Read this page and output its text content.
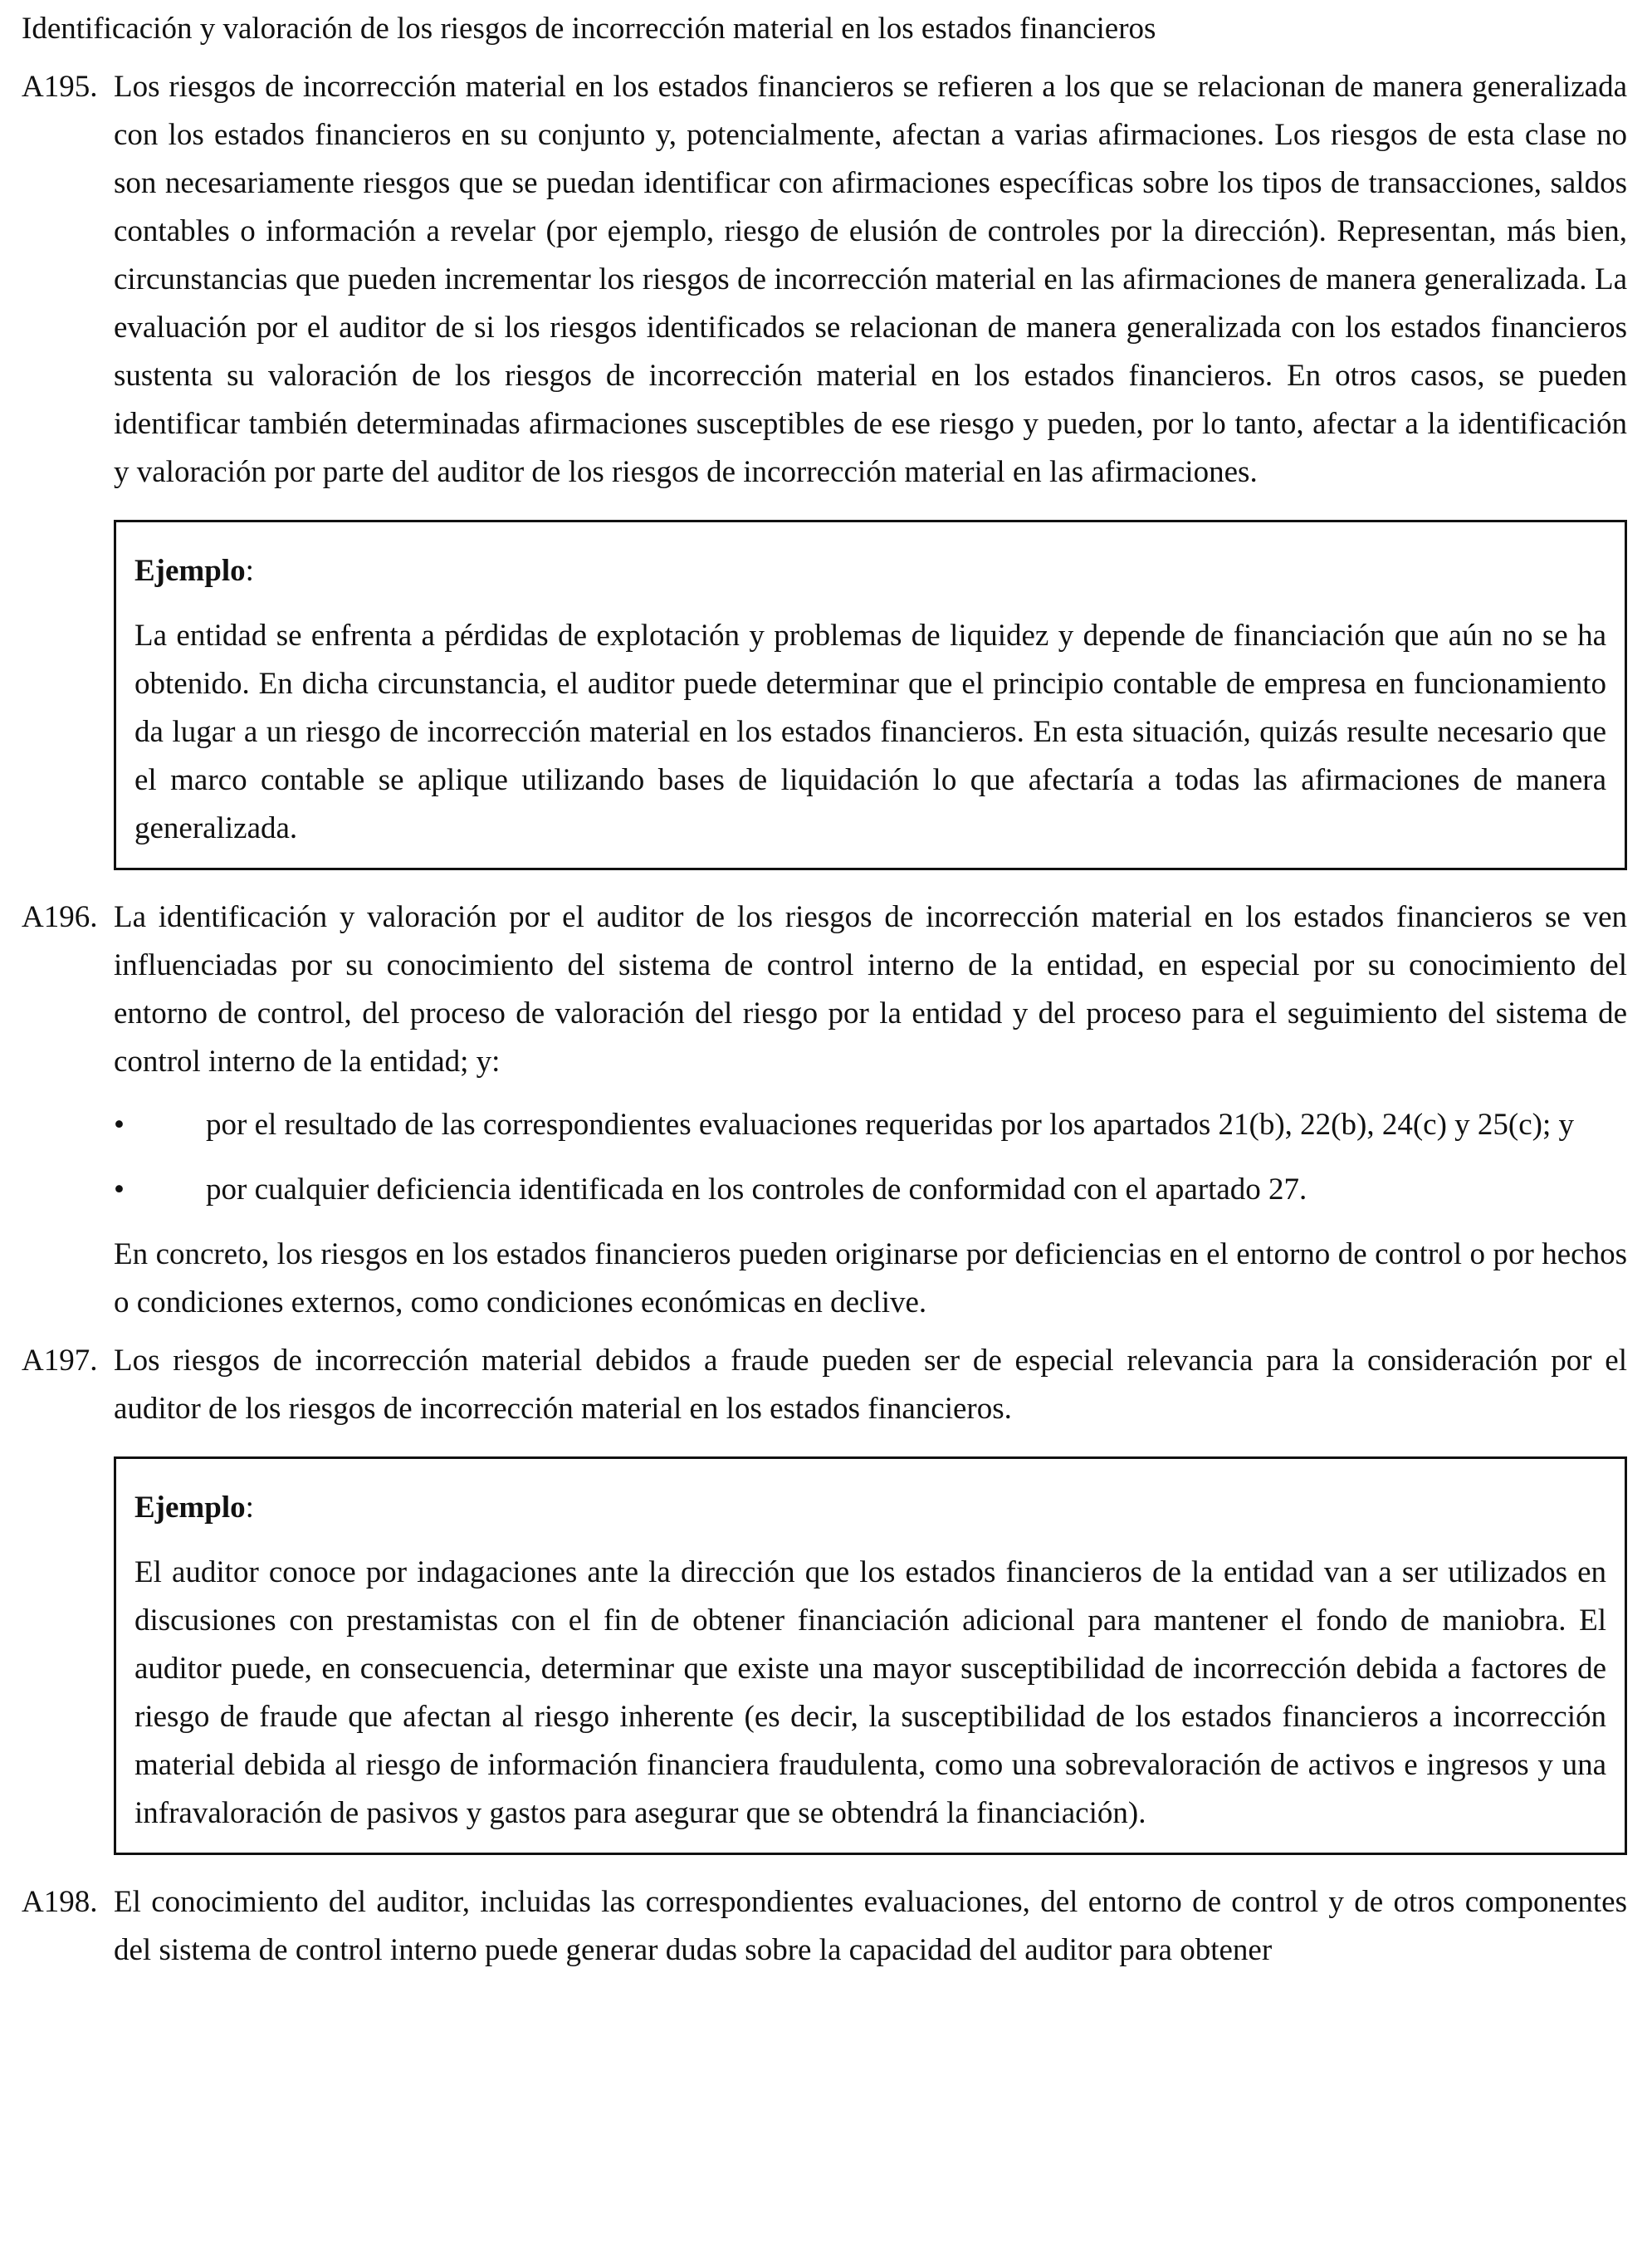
Identificación y valoración de los riesgos de incorrección material en los estados financieros
A195. Los riesgos de incorrección material en los estados financieros se refieren a los que se relacionan de manera generalizada con los estados financieros en su conjunto y, potencialmente, afectan a varias afirmaciones. Los riesgos de esta clase no son necesariamente riesgos que se puedan identificar con afirmaciones específicas sobre los tipos de transacciones, saldos contables o información a revelar (por ejemplo, riesgo de elusión de controles por la dirección). Representan, más bien, circunstancias que pueden incrementar los riesgos de incorrección material en las afirmaciones de manera generalizada. La evaluación por el auditor de si los riesgos identificados se relacionan de manera generalizada con los estados financieros sustenta su valoración de los riesgos de incorrección material en los estados financieros. En otros casos, se pueden identificar también determinadas afirmaciones susceptibles de ese riesgo y pueden, por lo tanto, afectar a la identificación y valoración por parte del auditor de los riesgos de incorrección material en las afirmaciones.

Ejemplo:

La entidad se enfrenta a pérdidas de explotación y problemas de liquidez y depende de financiación que aún no se ha obtenido. En dicha circunstancia, el auditor puede determinar que el principio contable de empresa en funcionamiento da lugar a un riesgo de incorrección material en los estados financieros. En esta situación, quizás resulte necesario que el marco contable se aplique utilizando bases de liquidación lo que afectaría a todas las afirmaciones de manera generalizada.

A196. La identificación y valoración por el auditor de los riesgos de incorrección material en los estados financieros se ven influenciadas por su conocimiento del sistema de control interno de la entidad, en especial por su conocimiento del entorno de control, del proceso de valoración del riesgo por la entidad y del proceso para el seguimiento del sistema de control interno de la entidad; y:

•	por el resultado de las correspondientes evaluaciones requeridas por los apartados 21(b), 22(b), 24(c) y 25(c); y
•	por cualquier deficiencia identificada en los controles de conformidad con el apartado 27.

En concreto, los riesgos en los estados financieros pueden originarse por deficiencias en el entorno de control o por hechos o condiciones externos, como condiciones económicas en declive.

A197. Los riesgos de incorrección material debidos a fraude pueden ser de especial relevancia para la consideración por el auditor de los riesgos de incorrección material en los estados financieros.

Ejemplo:

El auditor conoce por indagaciones ante la dirección que los estados financieros de la entidad van a ser utilizados en discusiones con prestamistas con el fin de obtener financiación adicional para mantener el fondo de maniobra. El auditor puede, en consecuencia, determinar que existe una mayor susceptibilidad de incorrección debida a factores de riesgo de fraude que afectan al riesgo inherente (es decir, la susceptibilidad de los estados financieros a incorrección material debida al riesgo de información financiera fraudulenta, como una sobrevaloración de activos e ingresos y una infravaloración de pasivos y gastos para asegurar que se obtendrá la financiación).

A198. El conocimiento del auditor, incluidas las correspondientes evaluaciones, del entorno de control y de otros componentes del sistema de control interno puede generar dudas sobre la capacidad del auditor para obtener
